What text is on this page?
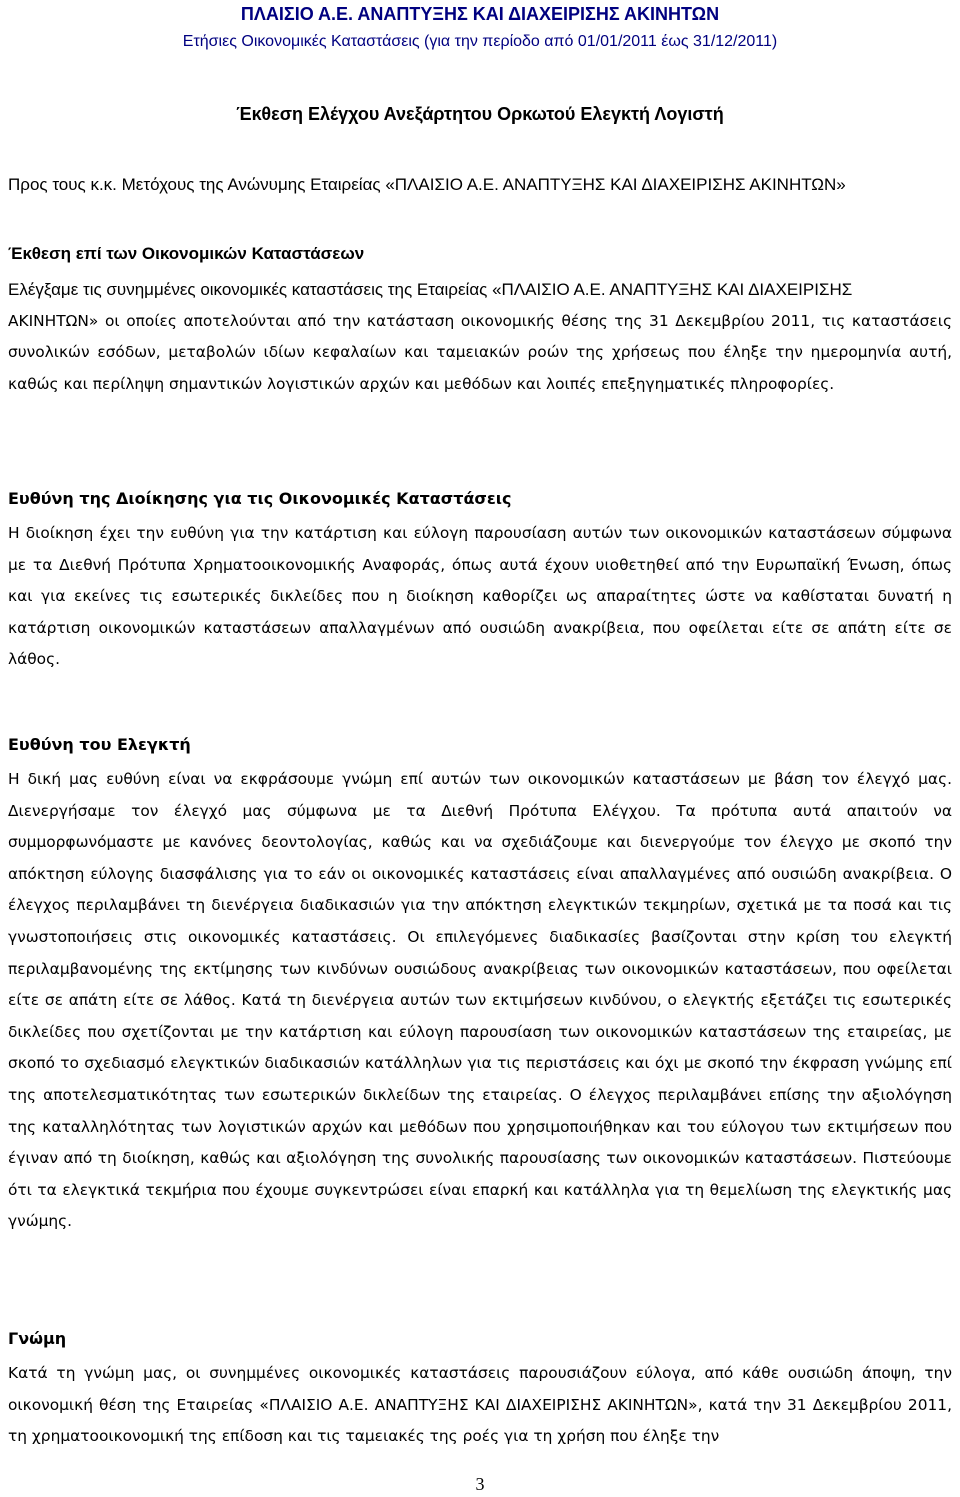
ΠΛΑΙΣΙΟ Α.Ε. ΑΝΑΠΤΥΞΗΣ ΚΑΙ ΔΙΑΧΕΙΡΙΣΗΣ ΑΚΙΝΗΤΩΝ
Ετήσιες Οικονομικές Καταστάσεις (για την περίοδο από 01/01/2011 έως 31/12/2011)
Έκθεση Ελέγχου Ανεξάρτητου Ορκωτού Ελεγκτή Λογιστή

Προς τους κ.κ. Μετόχους της Ανώνυμης Εταιρείας «ΠΛΑΙΣΙΟ Α.Ε. ΑΝΑΠΤΥΞΗΣ ΚΑΙ ΔΙΑΧΕΙΡΙΣΗΣ ΑΚΙΝΗΤΩΝ»

Έκθεση επί των Οικονομικών Καταστάσεων

Ελέγξαμε τις συνημμένες οικονομικές καταστάσεις της Εταιρείας «ΠΛΑΙΣΙΟ Α.Ε. ΑΝΑΠΤΥΞΗΣ ΚΑΙ ΔΙΑΧΕΙΡΙΣΗΣ

ΑΚΙΝΗΤΩΝ» οι οποίες αποτελούνται από την κατάσταση οικονομικής θέσης της 31 Δεκεμβρίου 2011, τις καταστάσεις συνολικών εσόδων, μεταβολών ιδίων κεφαλαίων και ταμειακών ροών της χρήσεως που έληξε την ημερομηνία αυτή, καθώς και περίληψη σημαντικών λογιστικών αρχών και μεθόδων και λοιπές επεξηγηματικές πληροφορίες.

Ευθύνη της Διοίκησης για τις Οικονομικές Καταστάσεις

Η διοίκηση έχει την ευθύνη για την κατάρτιση και εύλογη παρουσίαση αυτών των οικονομικών καταστάσεων σύμφωνα με τα Διεθνή Πρότυπα Χρηματοοικονομικής Αναφοράς, όπως αυτά έχουν υιοθετηθεί από την Ευρωπαϊκή Ένωση, όπως και για εκείνες τις εσωτερικές δικλείδες που η διοίκηση καθορίζει ως απαραίτητες ώστε να καθίσταται δυνατή η κατάρτιση οικονομικών καταστάσεων απαλλαγμένων από ουσιώδη ανακρίβεια, που οφείλεται είτε σε απάτη είτε σε λάθος.

Ευθύνη του Ελεγκτή

Η δική μας ευθύνη είναι να εκφράσουμε γνώμη επί αυτών των οικονομικών καταστάσεων με βάση τον έλεγχό μας. Διενεργήσαμε τον έλεγχό μας σύμφωνα με τα Διεθνή Πρότυπα Ελέγχου. Τα πρότυπα αυτά απαιτούν να συμμορφωνόμαστε με κανόνες δεοντολογίας, καθώς και να σχεδιάζουμε και διενεργούμε τον έλεγχο με σκοπό την απόκτηση εύλογης διασφάλισης για το εάν οι οικονομικές καταστάσεις είναι απαλλαγμένες από ουσιώδη ανακρίβεια. Ο έλεγχος περιλαμβάνει τη διενέργεια διαδικασιών για την απόκτηση ελεγκτικών τεκμηρίων, σχετικά με τα ποσά και τις γνωστοποιήσεις στις οικονομικές καταστάσεις. Οι επιλεγόμενες διαδικασίες βασίζονται στην κρίση του ελεγκτή περιλαμβανομένης της εκτίμησης των κινδύνων ουσιώδους ανακρίβειας των οικονομικών καταστάσεων, που οφείλεται είτε σε απάτη είτε σε λάθος. Κατά τη διενέργεια αυτών των εκτιμήσεων κινδύνου, ο ελεγκτής εξετάζει τις εσωτερικές δικλείδες που σχετίζονται με την κατάρτιση και εύλογη παρουσίαση των οικονομικών καταστάσεων της εταιρείας, με σκοπό το σχεδιασμό ελεγκτικών διαδικασιών κατάλληλων για τις περιστάσεις και όχι με σκοπό την έκφραση γνώμης επί της αποτελεσματικότητας των εσωτερικών δικλείδων της εταιρείας. Ο έλεγχος περιλαμβάνει επίσης την αξιολόγηση της καταλληλότητας των λογιστικών αρχών και μεθόδων που χρησιμοποιήθηκαν και του εύλογου των εκτιμήσεων που έγιναν από τη διοίκηση, καθώς και αξιολόγηση της συνολικής παρουσίασης των οικονομικών καταστάσεων. Πιστεύουμε ότι τα ελεγκτικά τεκμήρια που έχουμε συγκεντρώσει είναι επαρκή και κατάλληλα για τη θεμελίωση της ελεγκτικής μας γνώμης.

Γνώμη

Κατά τη γνώμη μας, οι συνημμένες οικονομικές καταστάσεις παρουσιάζουν εύλογα, από κάθε ουσιώδη άποψη, την οικονομική θέση της Εταιρείας «ΠΛΑΙΣΙΟ Α.Ε. ΑΝΑΠΤΥΞΗΣ ΚΑΙ ΔΙΑΧΕΙΡΙΣΗΣ ΑΚΙΝΗΤΩΝ», κατά την 31 Δεκεμβρίου 2011, τη χρηματοοικονομική της επίδοση και τις ταμειακές της ροές για τη χρήση που έληξε την

3
